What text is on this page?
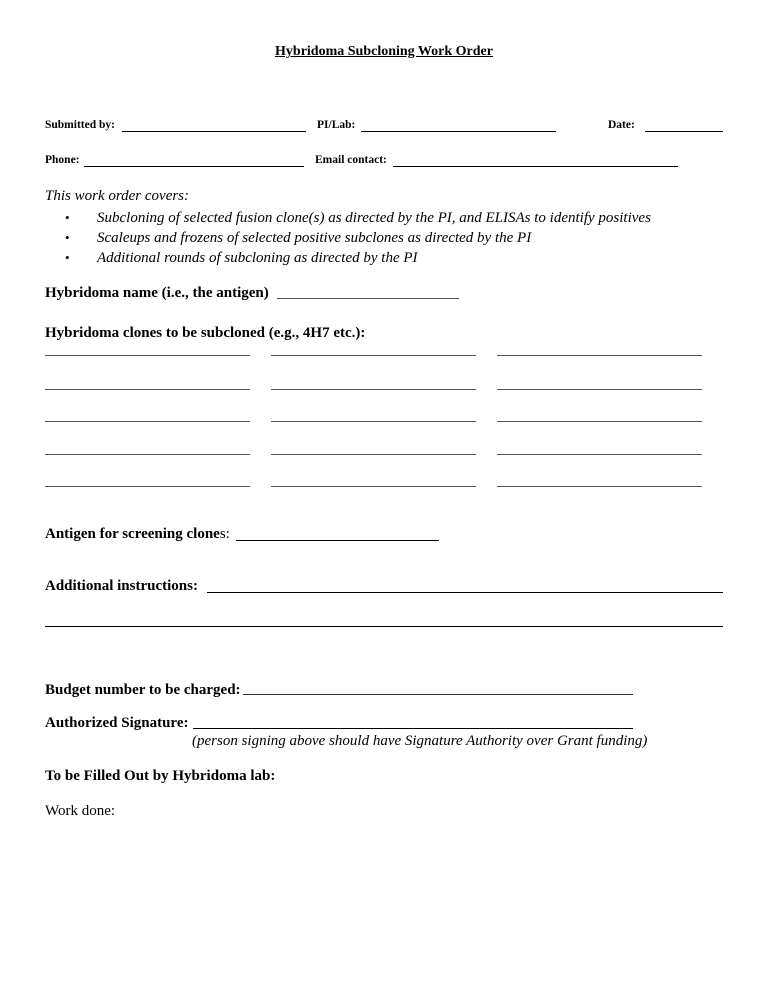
Hybridoma Subcloning Work Order
Submitted by:	PI/Lab:	Date:
Phone:	Email contact:
This work order covers:
• Subcloning of selected fusion clone(s) as directed by the PI, and ELISAs to identify positives
• Scaleups and frozens of selected positive subclones as directed by the PI
• Additional rounds of subcloning as directed by the PI
Hybridoma name (i.e., the antigen)
Hybridoma clones to be subcloned (e.g., 4H7 etc.):
Antigen for screening clones:
Additional instructions:
Budget number to be charged:
Authorized Signature:
(person signing above should have Signature Authority over Grant funding)
To be Filled Out by Hybridoma lab:
Work done:
